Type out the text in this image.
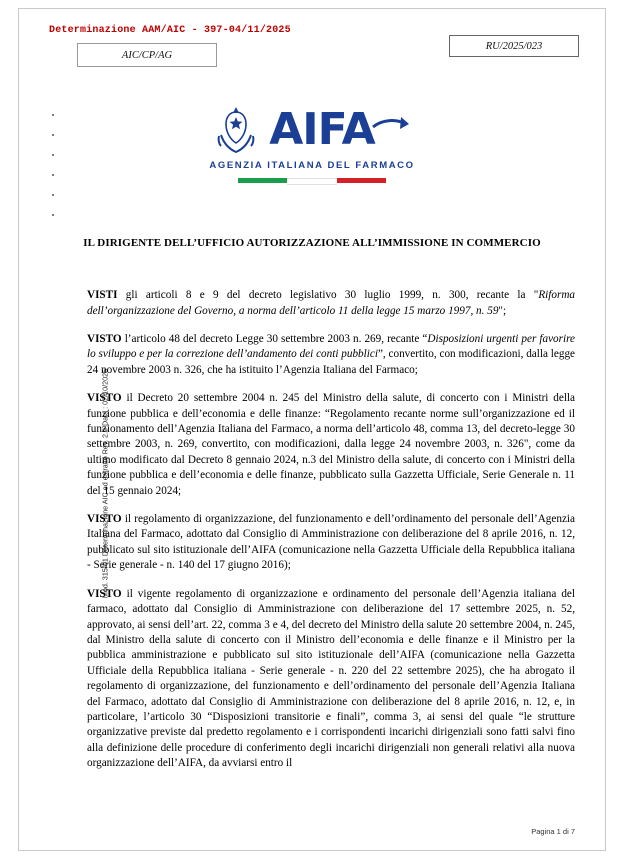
Determinazione AAM/AIC - 397-04/11/2025
AIC/CP/AG
RU/2025/023
Mod. 315/01 Determinazione AIC ed estratto Rev. 2.9 Data : 02/10/2025
AIFA
AGENZIA ITALIANA DEL FARMACO
IL DIRIGENTE DELL’UFFICIO AUTORIZZAZIONE ALL’IMMISSIONE IN COMMERCIO

VISTI gli articoli 8 e 9 del decreto legislativo 30 luglio 1999, n. 300, recante la "Riforma dell’organizzazione del Governo, a norma dell’articolo 11 della legge 15 marzo 1997, n. 59";

VISTO l’articolo 48 del decreto Legge 30 settembre 2003 n. 269, recante “Disposizioni urgenti per favorire lo sviluppo e per la correzione dell’andamento dei conti pubblici”, convertito, con modificazioni, dalla legge 24 novembre 2003 n. 326, che ha istituito l’Agenzia Italiana del Farmaco;

VISTO il Decreto 20 settembre 2004 n. 245 del Ministro della salute, di concerto con i Ministri della funzione pubblica e dell’economia e delle finanze: “Regolamento recante norme sull’organizzazione ed il funzionamento dell’Agenzia Italiana del Farmaco, a norma dell’articolo 48, comma 13, del decreto-legge 30 settembre 2003, n. 269, convertito, con modificazioni, dalla legge 24 novembre 2003, n. 326", come da ultimo modificato dal Decreto 8 gennaio 2024, n.3 del Ministro della salute, di concerto con i Ministri della funzione pubblica e dell’economia e delle finanze, pubblicato sulla Gazzetta Ufficiale, Serie Generale n. 11 del 15 gennaio 2024;

VISTO il regolamento di organizzazione, del funzionamento e dell’ordinamento del personale dell’Agenzia Italiana del Farmaco, adottato dal Consiglio di Amministrazione con deliberazione del 8 aprile 2016, n. 12, pubblicato sul sito istituzionale dell’AIFA (comunicazione nella Gazzetta Ufficiale della Repubblica italiana - Serie generale - n. 140 del 17 giugno 2016);

VISTO il vigente regolamento di organizzazione e ordinamento del personale dell’Agenzia italiana del farmaco, adottato dal Consiglio di Amministrazione con deliberazione del 17 settembre 2025, n. 52, approvato, ai sensi dell’art. 22, comma 3 e 4, del decreto del Ministro della salute 20 settembre 2004, n. 245, dal Ministro della salute di concerto con il Ministro dell’economia e delle finanze e il Ministro per la pubblica amministrazione e pubblicato sul sito istituzionale dell’AIFA (comunicazione nella Gazzetta Ufficiale della Repubblica italiana - Serie generale - n. 220 del 22 settembre 2025), che ha abrogato il regolamento di organizzazione, del funzionamento e dell’ordinamento del personale dell’Agenzia Italiana del Farmaco, adottato dal Consiglio di Amministrazione con deliberazione del 8 aprile 2016, n. 12, e, in particolare, l’articolo 30 “Disposizioni transitorie e finali”, comma 3, ai sensi del quale “le strutture organizzative previste dal predetto regolamento e i corrispondenti incarichi dirigenziali sono fatti salvi fino alla definizione delle procedure di conferimento degli incarichi dirigenziali non generali relativi alla nuova organizzazione dell’AIFA, da avviarsi entro il

Pagina 1 di 7
